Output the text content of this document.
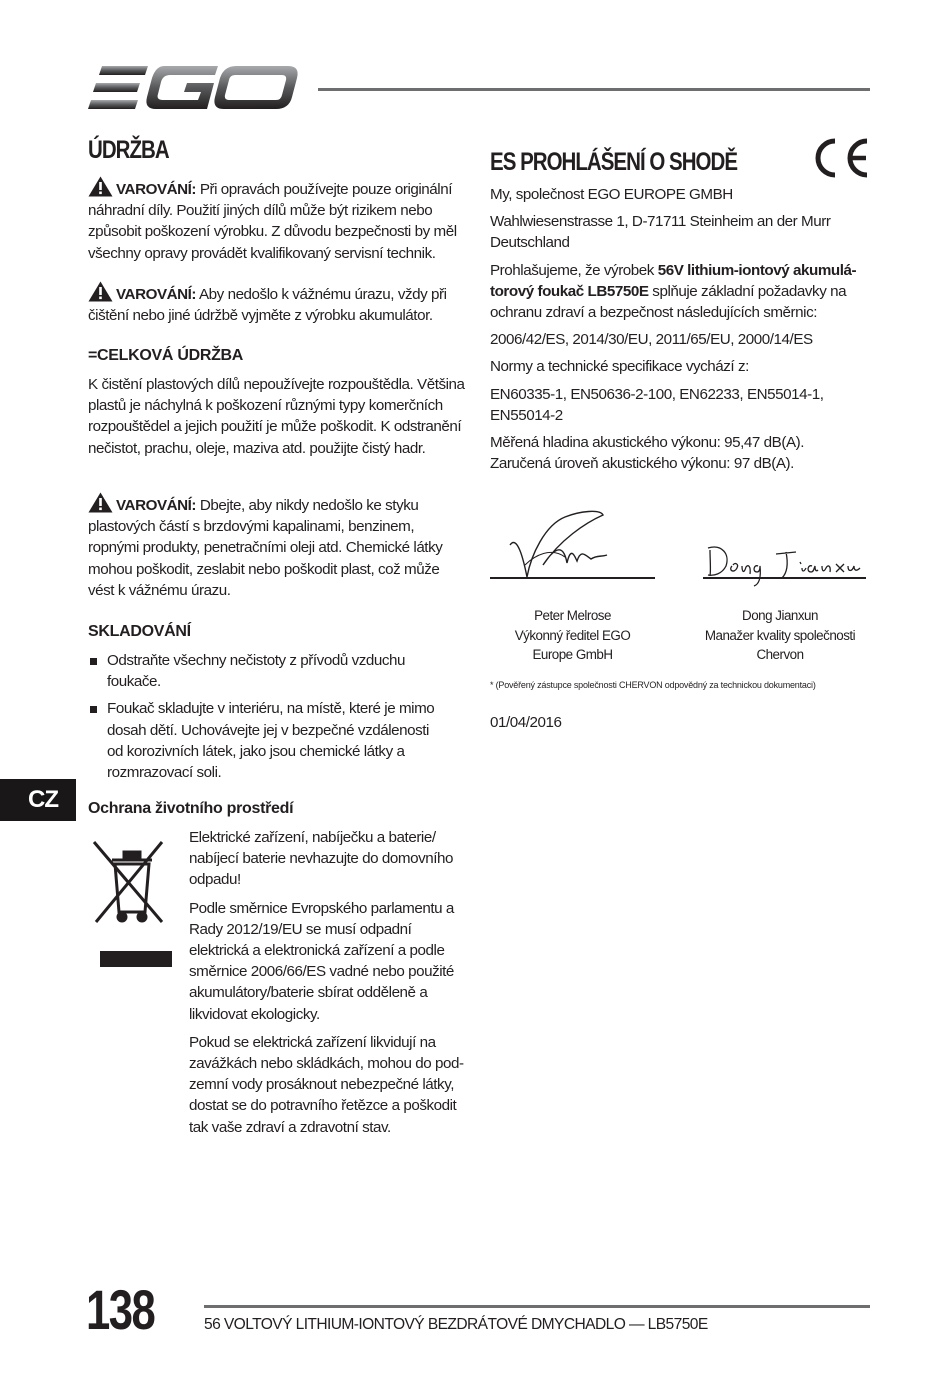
ÚDRŽBA
VAROVÁNÍ: Při opravách používejte pouze originální náhradní díly. Použití jiných dílů může být rizikem nebo způsobit poškození výrobku. Z důvodu bezpečnosti by měl všechny opravy provádět kvalifikovaný servisní technik.
VAROVÁNÍ: Aby nedošlo k vážnému úrazu, vždy při čištění nebo jiné údržbě vyjměte z výrobku akumulátor.
=CELKOVÁ ÚDRŽBA
K čistění plastových dílů nepoužívejte rozpouštědla. Většina plastů je náchylná k poškození různými typy komerčních rozpouštědel a jejich použití je může poškodit. K odstranění nečistot, prachu, oleje, maziva atd. použijte čistý hadr.
VAROVÁNÍ: Dbejte, aby nikdy nedošlo ke styku plastových částí s brzdovými kapalinami, benzinem, ropnými produkty, penetračními oleji atd. Chemické látky mohou poškodit, zeslabit nebo poškodit plast, což může vést k vážnému úrazu.
SKLADOVÁNÍ
Odstraňte všechny nečistoty z přívodů vzduchu foukače.
Foukač skladujte v interiéru, na místě, které je mimo dosah dětí. Uchovávejte jej v bezpečné vzdálenosti od korozivních látek, jako jsou chemické látky a rozmrazovací soli.
CZ	Ochrana životního prostředí

Elektrické zařízení, nabíječku a baterie/ nabíjecí baterie nevhazujte do domovního odpadu!

Podle směrnice Evropského parlamentu a Rady 2012/19/EU se musí odpadní elektrická a elektronická zařízení a podle směrnice 2006/66/ES vadné nebo použité akumulátory/baterie sbírat odděleně a likvidovat ekologicky.

Pokud se elektrická zařízení likvidují na zavážkách nebo skládkách, mohou do pod- zemní vody prosáknout nebezpečné látky, dostat se do potravního řetězce a poškodit tak vaše zdraví a zdravotní stav.

ES PROHLÁŠENÍ O SHODĚ

My, společnost EGO EUROPE GMBH

Wahlwiesenstrasse 1, D-71711 Steinheim an der Murr Deutschland

Prohlašujeme, že výrobek 56V lithium-iontový akumulá- torový foukač LB5750E splňuje základní požadavky na ochranu zdraví a bezpečnost následujících směrnic:

2006/42/ES, 2014/30/EU, 2011/65/EU, 2000/14/ES

Normy a technické specifikace vychází z:

EN60335-1, EN50636-2-100, EN62233, EN55014-1, EN55014-2

Měřená hladina akustického výkonu: 95,47 dB(A).

Zaručená úroveň akustického výkonu: 97 dB(A).

Peter Melrose
Výkonný ředitel EGO
Europe GmbH
Dong Jianxun
Manažer kvality společnosti
Chervon
* (Pověřený zástupce společnosti CHERVON odpovědný za technickou dokumentaci)
01/04/2016
138	56 VOLTOVÝ LITHIUM-IONTOVÝ BEZDRÁTOVÉ DMYCHADLO — LB5750E
